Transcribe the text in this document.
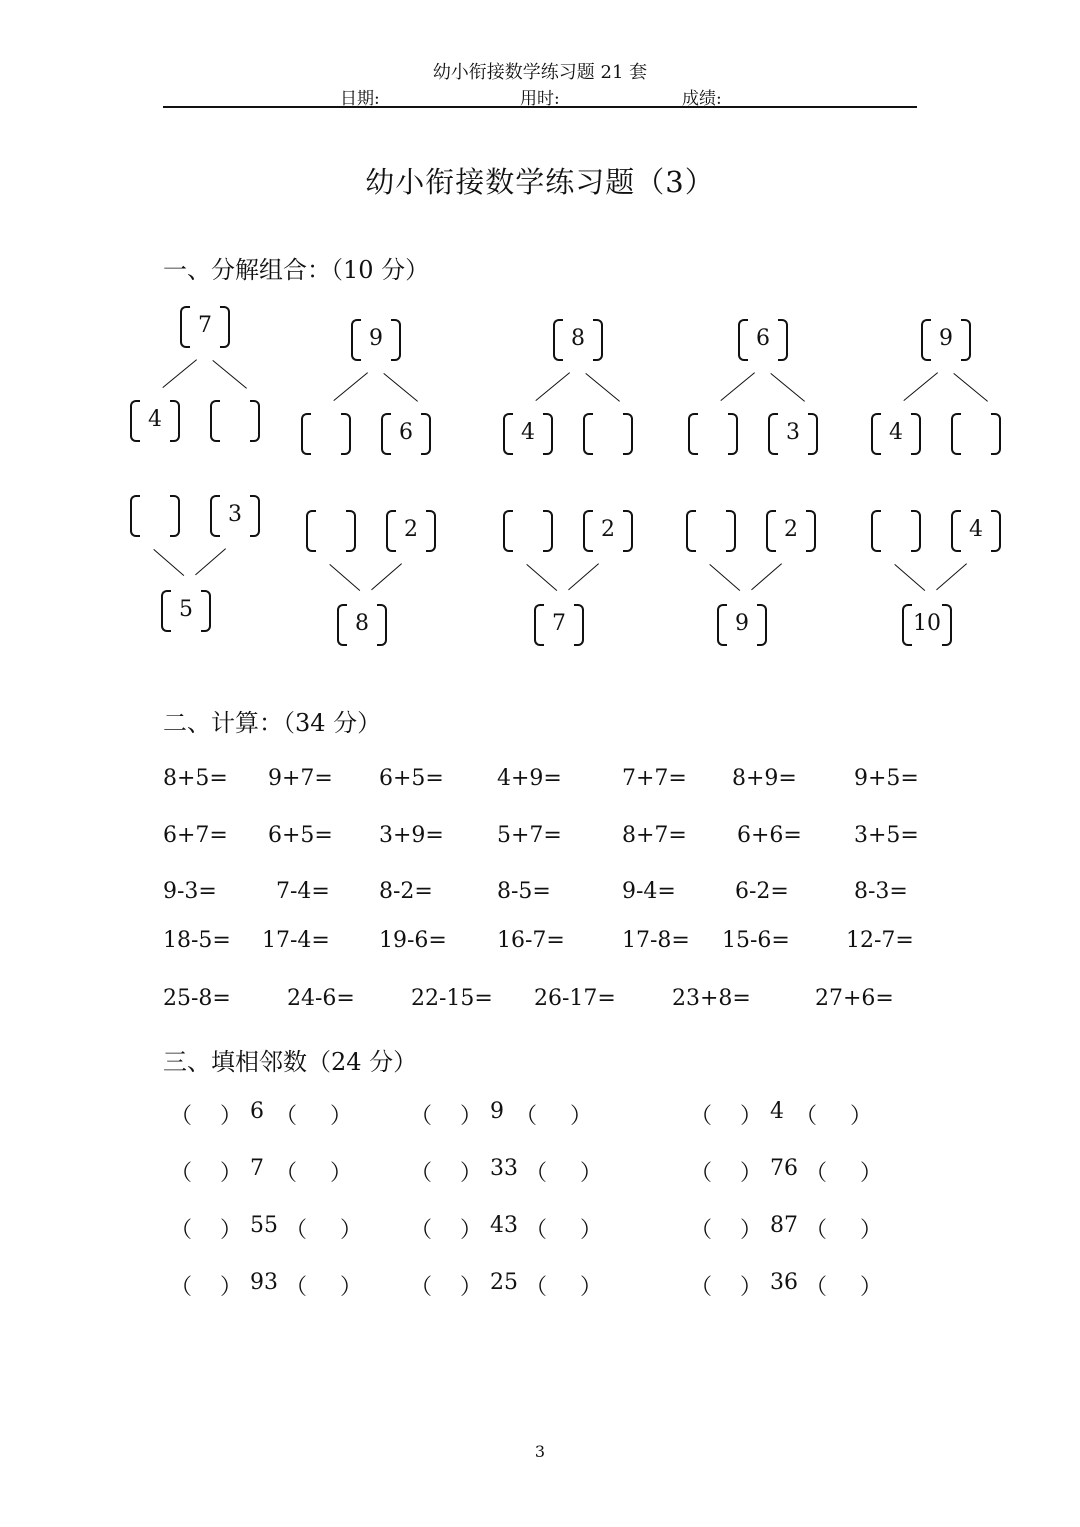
幼小衔接数学练习题 21 套
日期:	用时:	成绩:
幼小衔接数学练习题（3）
一、分解组合：（10 分）
7
4
9
6
8
4
6
3
9
4
3
5
2
8
2
7
2
9
4
10
二、计算：（34 分）
8+5= 9+7= 6+5= 4+9=	7+7= 8+9=	9+5=
6+7= 6+5= 3+9= 5+7=	8+7= 6+6= 3+5=
9-3=	7-4= 8-2=	8-5=	9-4=	6-2=	8-3=
18-5= 17-4= 19-6= 16-7=	17-8= 15-6=	12-7=
25-8=	24-6=	22-15= 26-17=	23+8=	27+6=
三、填相邻数（24 分）
（ ） 6 （ ）	（ ） 9 （ ）	（ ） 4 （ ）
（ ） 7 （ ）	（ ） 33 （ ）	（ ） 76 （ ）
（ ） 55 （ ） （ ） 43 （ ）	（ ） 87 （ ）
（ ） 93 （ ） （ ） 25 （ ）	（ ） 36 （ ）
3
